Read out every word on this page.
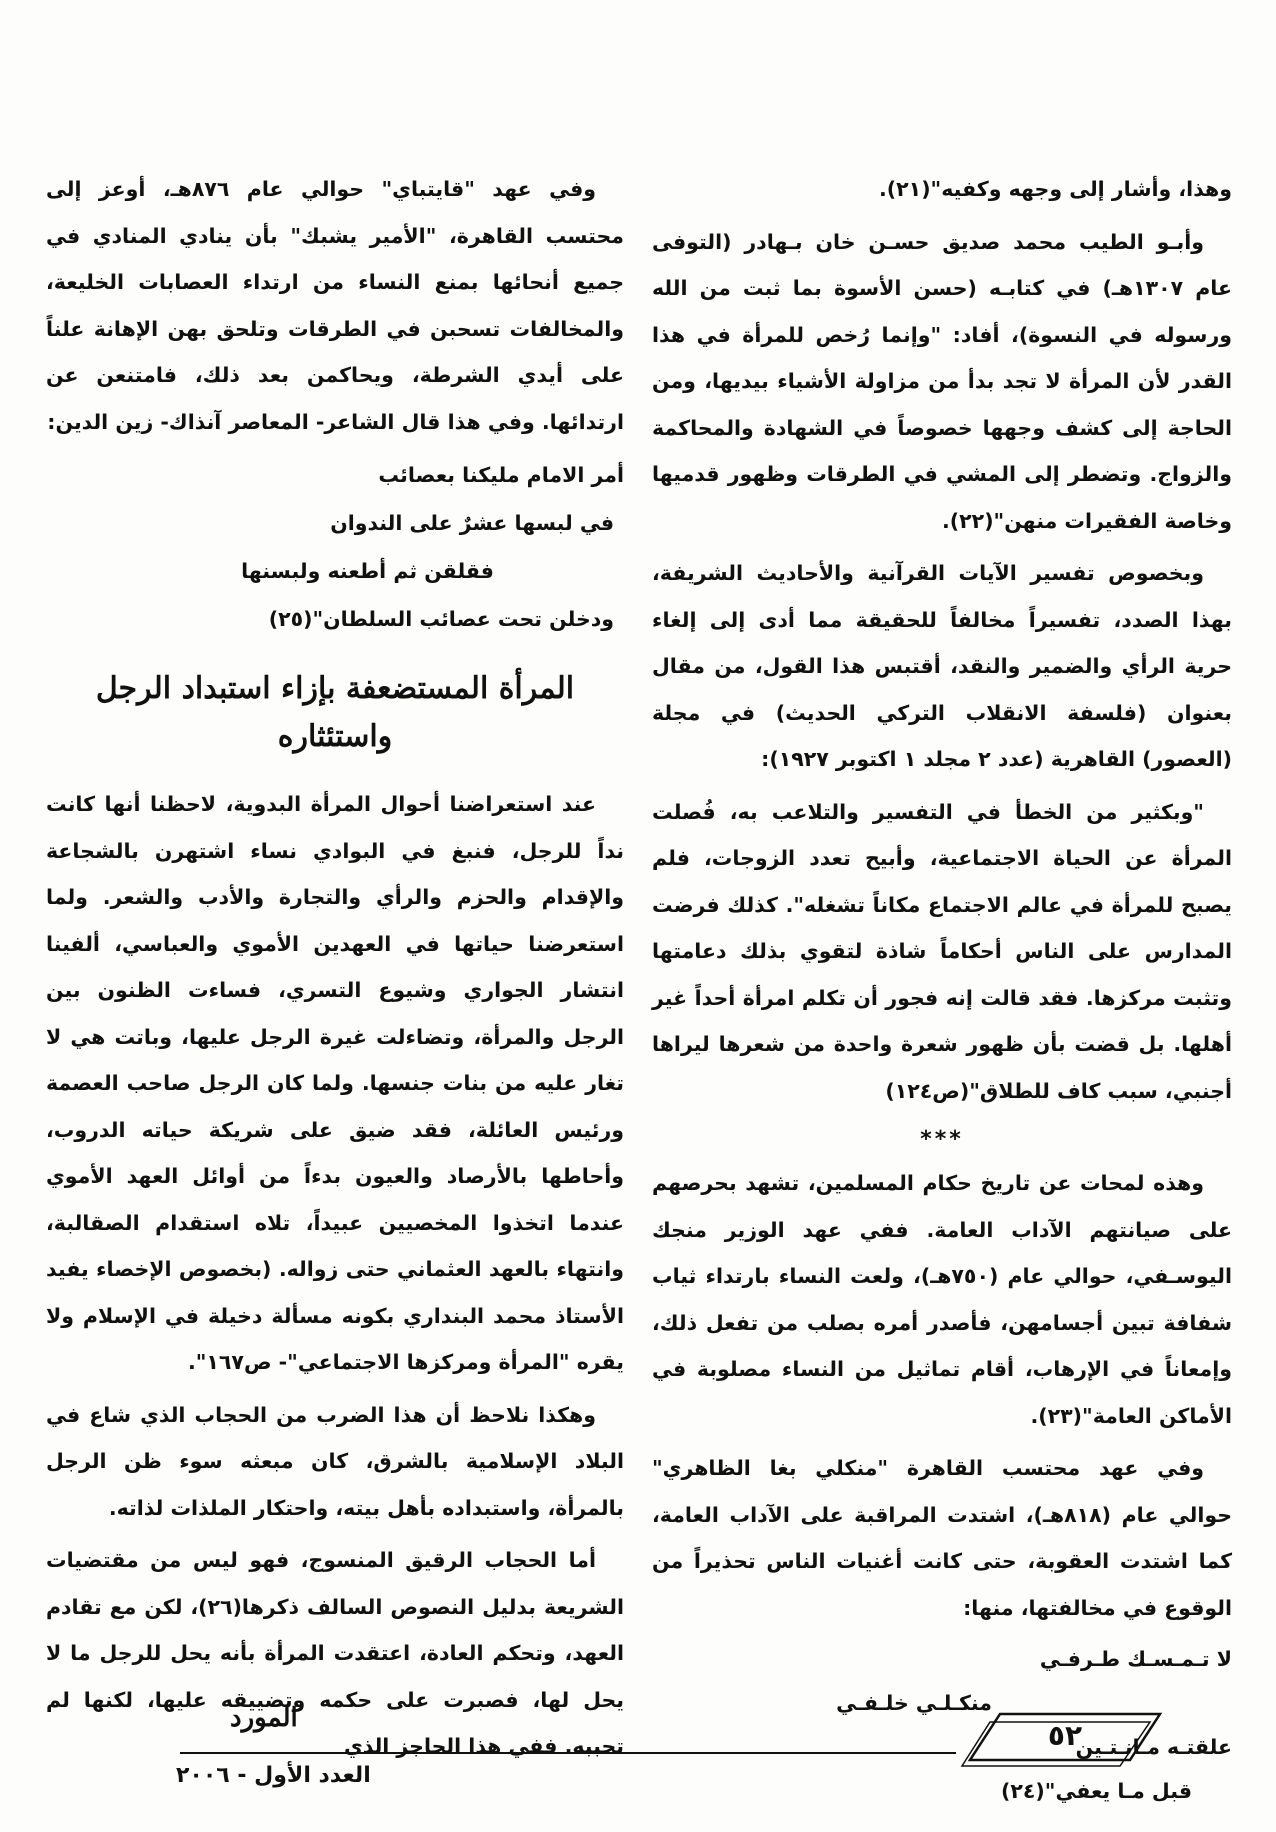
وهذا، وأشار إلى وجهه وكفيه"(٢١).

وأبـو الطيب محمد صديق حسـن خان بـهادر (التوفى عام ١٣٠٧هـ) في كتابـه (حسن الأسوة بما ثبت من الله ورسوله في النسوة)، أفاد: "وإنما رُخص للمرأة في هذا القدر لأن المرأة لا تجد بدأ من مزاولة الأشياء بيديها، ومن الحاجة إلى كشف وجهها خصوصاً في الشهادة والمحاكمة والزواج. وتضطر إلى المشي في الطرقات وظهور قدميها وخاصة الفقيرات منهن"(٢٢).

وبخصوص تفسير الآيات القرآنية والأحاديث الشريفة، بهذا الصدد، تفسيراً مخالفاً للحقيقة مما أدى إلى إلغاء حرية الرأي والضمير والنقد، أقتبس هذا القول، من مقال بعنوان (فلسفة الانقلاب التركي الحديث) في مجلة (العصور) القاهرية (عدد ٢ مجلد ١ اكتوبر ١٩٢٧):

"وبكثير من الخطأ في التفسير والتلاعب به، فُصلت المرأة عن الحياة الاجتماعية، وأبيح تعدد الزوجات، فلم يصبح للمرأة في عالم الاجتماع مكاناً تشغله". كذلك فرضت المدارس على الناس أحكاماً شاذة لتقوي بذلك دعامتها وتثبت مركزها. فقد قالت إنه فجور أن تكلم امرأة أحداً غير أهلها. بل قضت بأن ظهور شعرة واحدة من شعرها ليراها أجنبي، سبب كاف للطلاق"(ص١٢٤)

***

وهذه لمحات عن تاريخ حكام المسلمين، تشهد بحرصهم على صيانتهم الآداب العامة. ففي عهد الوزير منجك اليوسـفي، حوالي عام (٧٥٠هـ)، ولعت النساء بارتداء ثياب شفافة تبين أجسامهن، فأصدر أمره بصلب من تفعل ذلك، وإمعاناً في الإرهاب، أقام تماثيل من النساء مصلوبة في الأماكن العامة"(٢٣).

وفي عهد محتسب القاهرة "منكلي بغا الظاهري" حوالي عام (٨١٨هـ)، اشتدت المراقبة على الآداب العامة، كما اشتدت العقوبة، حتى كانت أغنيات الناس تحذيراً من الوقوع في مخالفتها، منها:

لا تـمـسـك طـرفـي

منكـلـي خلـفـي

علقتـه مـانـتـين

قبل مـا يعفي"(٢٤)

وفي عهد "قايتباي" حوالي عام ٨٧٦هـ، أوعز إلى محتسب القاهرة، "الأمير يشبك" بأن ينادي المنادي في جميع أنحائها بمنع النساء من ارتداء العصابات الخليعة، والمخالفات تسحبن في الطرقات وتلحق بهن الإهانة علناً على أيدي الشرطة، ويحاكمن بعد ذلك، فامتنعن عن ارتدائها. وفي هذا قال الشاعر- المعاصر آنذاك- زين الدين:

أمر الامام مليكنا بعصائب

في لبسها عشرٌ على الندوان

فقلقن ثم أطعنه ولبسنها

ودخلن تحت عصائب السلطان"(٢٥)

المرأة المستضعفة بإزاء استبداد الرجل واستئثاره

عند استعراضنا أحوال المرأة البدوية، لاحظنا أنها كانت نداً للرجل، فنبغ في البوادي نساء اشتهرن بالشجاعة والإقدام والحزم والرأي والتجارة والأدب والشعر. ولما استعرضنا حياتها في العهدين الأموي والعباسي، ألفينا انتشار الجواري وشيوع التسري، فساءت الظنون بين الرجل والمرأة، وتضاءلت غيرة الرجل عليها، وباتت هي لا تغار عليه من بنات جنسها. ولما كان الرجل صاحب العصمة ورئيس العائلة، فقد ضيق على شريكة حياته الدروب، وأحاطها بالأرصاد والعيون بدءاً من أوائل العهد الأموي عندما اتخذوا المخصيين عبيداً، تلاه استقدام الصقالبة، وانتهاء بالعهد العثماني حتى زواله. (بخصوص الإخصاء يفيد الأستاذ محمد البنداري بكونه مسألة دخيلة في الإسلام ولا يقره "المرأة ومركزها الاجتماعي"- ص١٦٧".

وهكذا نلاحظ أن هذا الضرب من الحجاب الذي شاع في البلاد الإسلامية بالشرق، كان مبعثه سوء ظن الرجل بالمرأة، واستبداده بأهل بيته، واحتكار الملذات لذاته.

أما الحجاب الرقيق المنسوج، فهو ليس من مقتضيات الشريعة بدليل النصوص السالف ذكرها(٢٦)، لكن مع تقادم العهد، وتحكم العادة، اعتقدت المرأة بأنه يحل للرجل ما لا يحل لها، فصبرت على حكمه وتضييقه عليها، لكنها لم تحببه. ففي هذا الحاجز الذي	٥٢
المورد
العدد الأول - ٢٠٠٦
